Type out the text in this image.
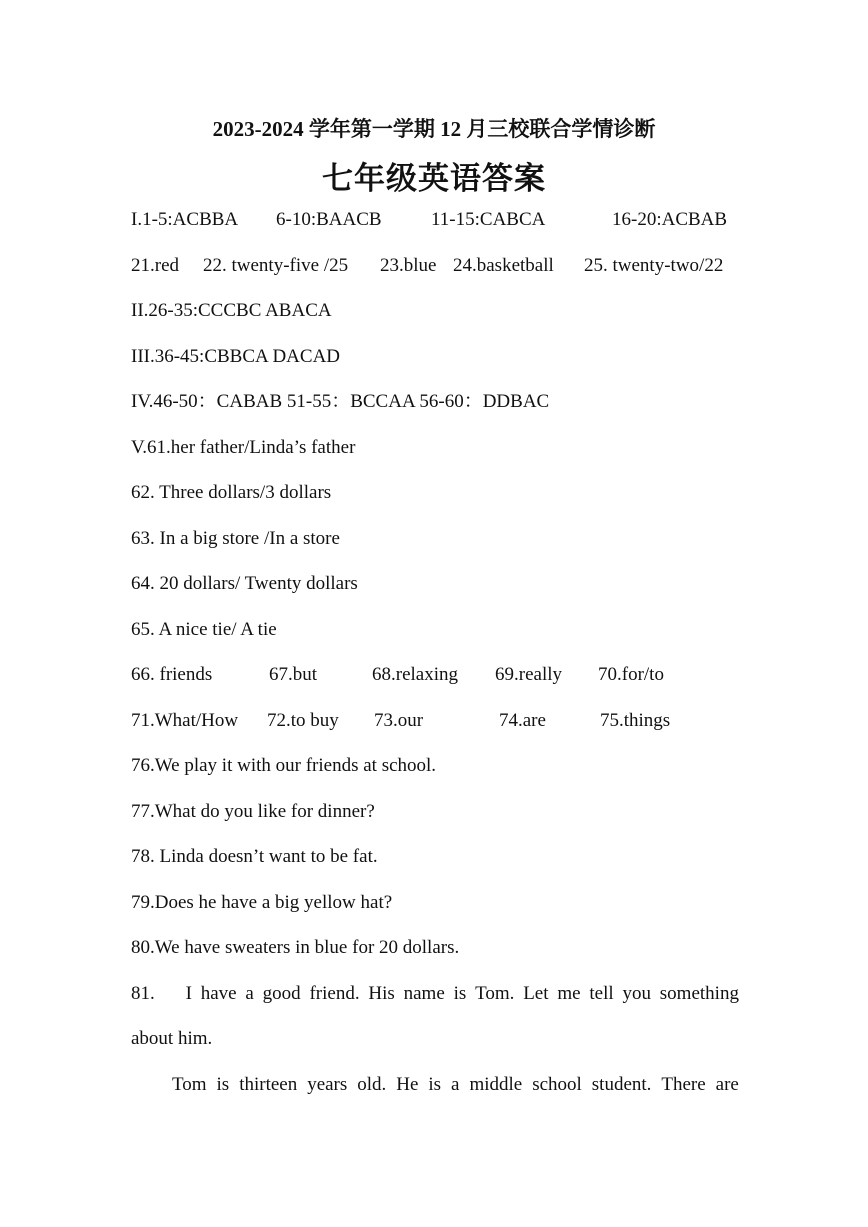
2023-2024 学年第一学期 12 月三校联合学情诊断
七年级英语答案
I.1-5:ACBBA 6-10:BAACB	11-15:CABCA	16-20:ACBAB
21.red 22. twenty-five /25 23.blue 24.basketball 25. twenty-two/22
II.26-35:CCCBC ABACA
III.36-45:CBBCA DACAD
IV.46-50：CABAB 51-55：BCCAA 56-60：DDBAC
V.61.her father/Linda’s father
62. Three dollars/3 dollars
63. In a big store /In a store
64. 20 dollars/ Twenty dollars
65. A nice tie/ A tie
66. friends	67.but	68.relaxing 69.really 70.for/to
71.What/How 72.to buy 73.our	74.are	75.things
76.We play it with our friends at school.
77.What do you like for dinner?
78. Linda doesn’t want to be fat.
79.Does he have a big yellow hat?
80.We have sweaters in blue for 20 dollars.
81. I have a good friend. His name is Tom. Let me tell you something
about him.
Tom is thirteen years old. He is a middle school student. There are
